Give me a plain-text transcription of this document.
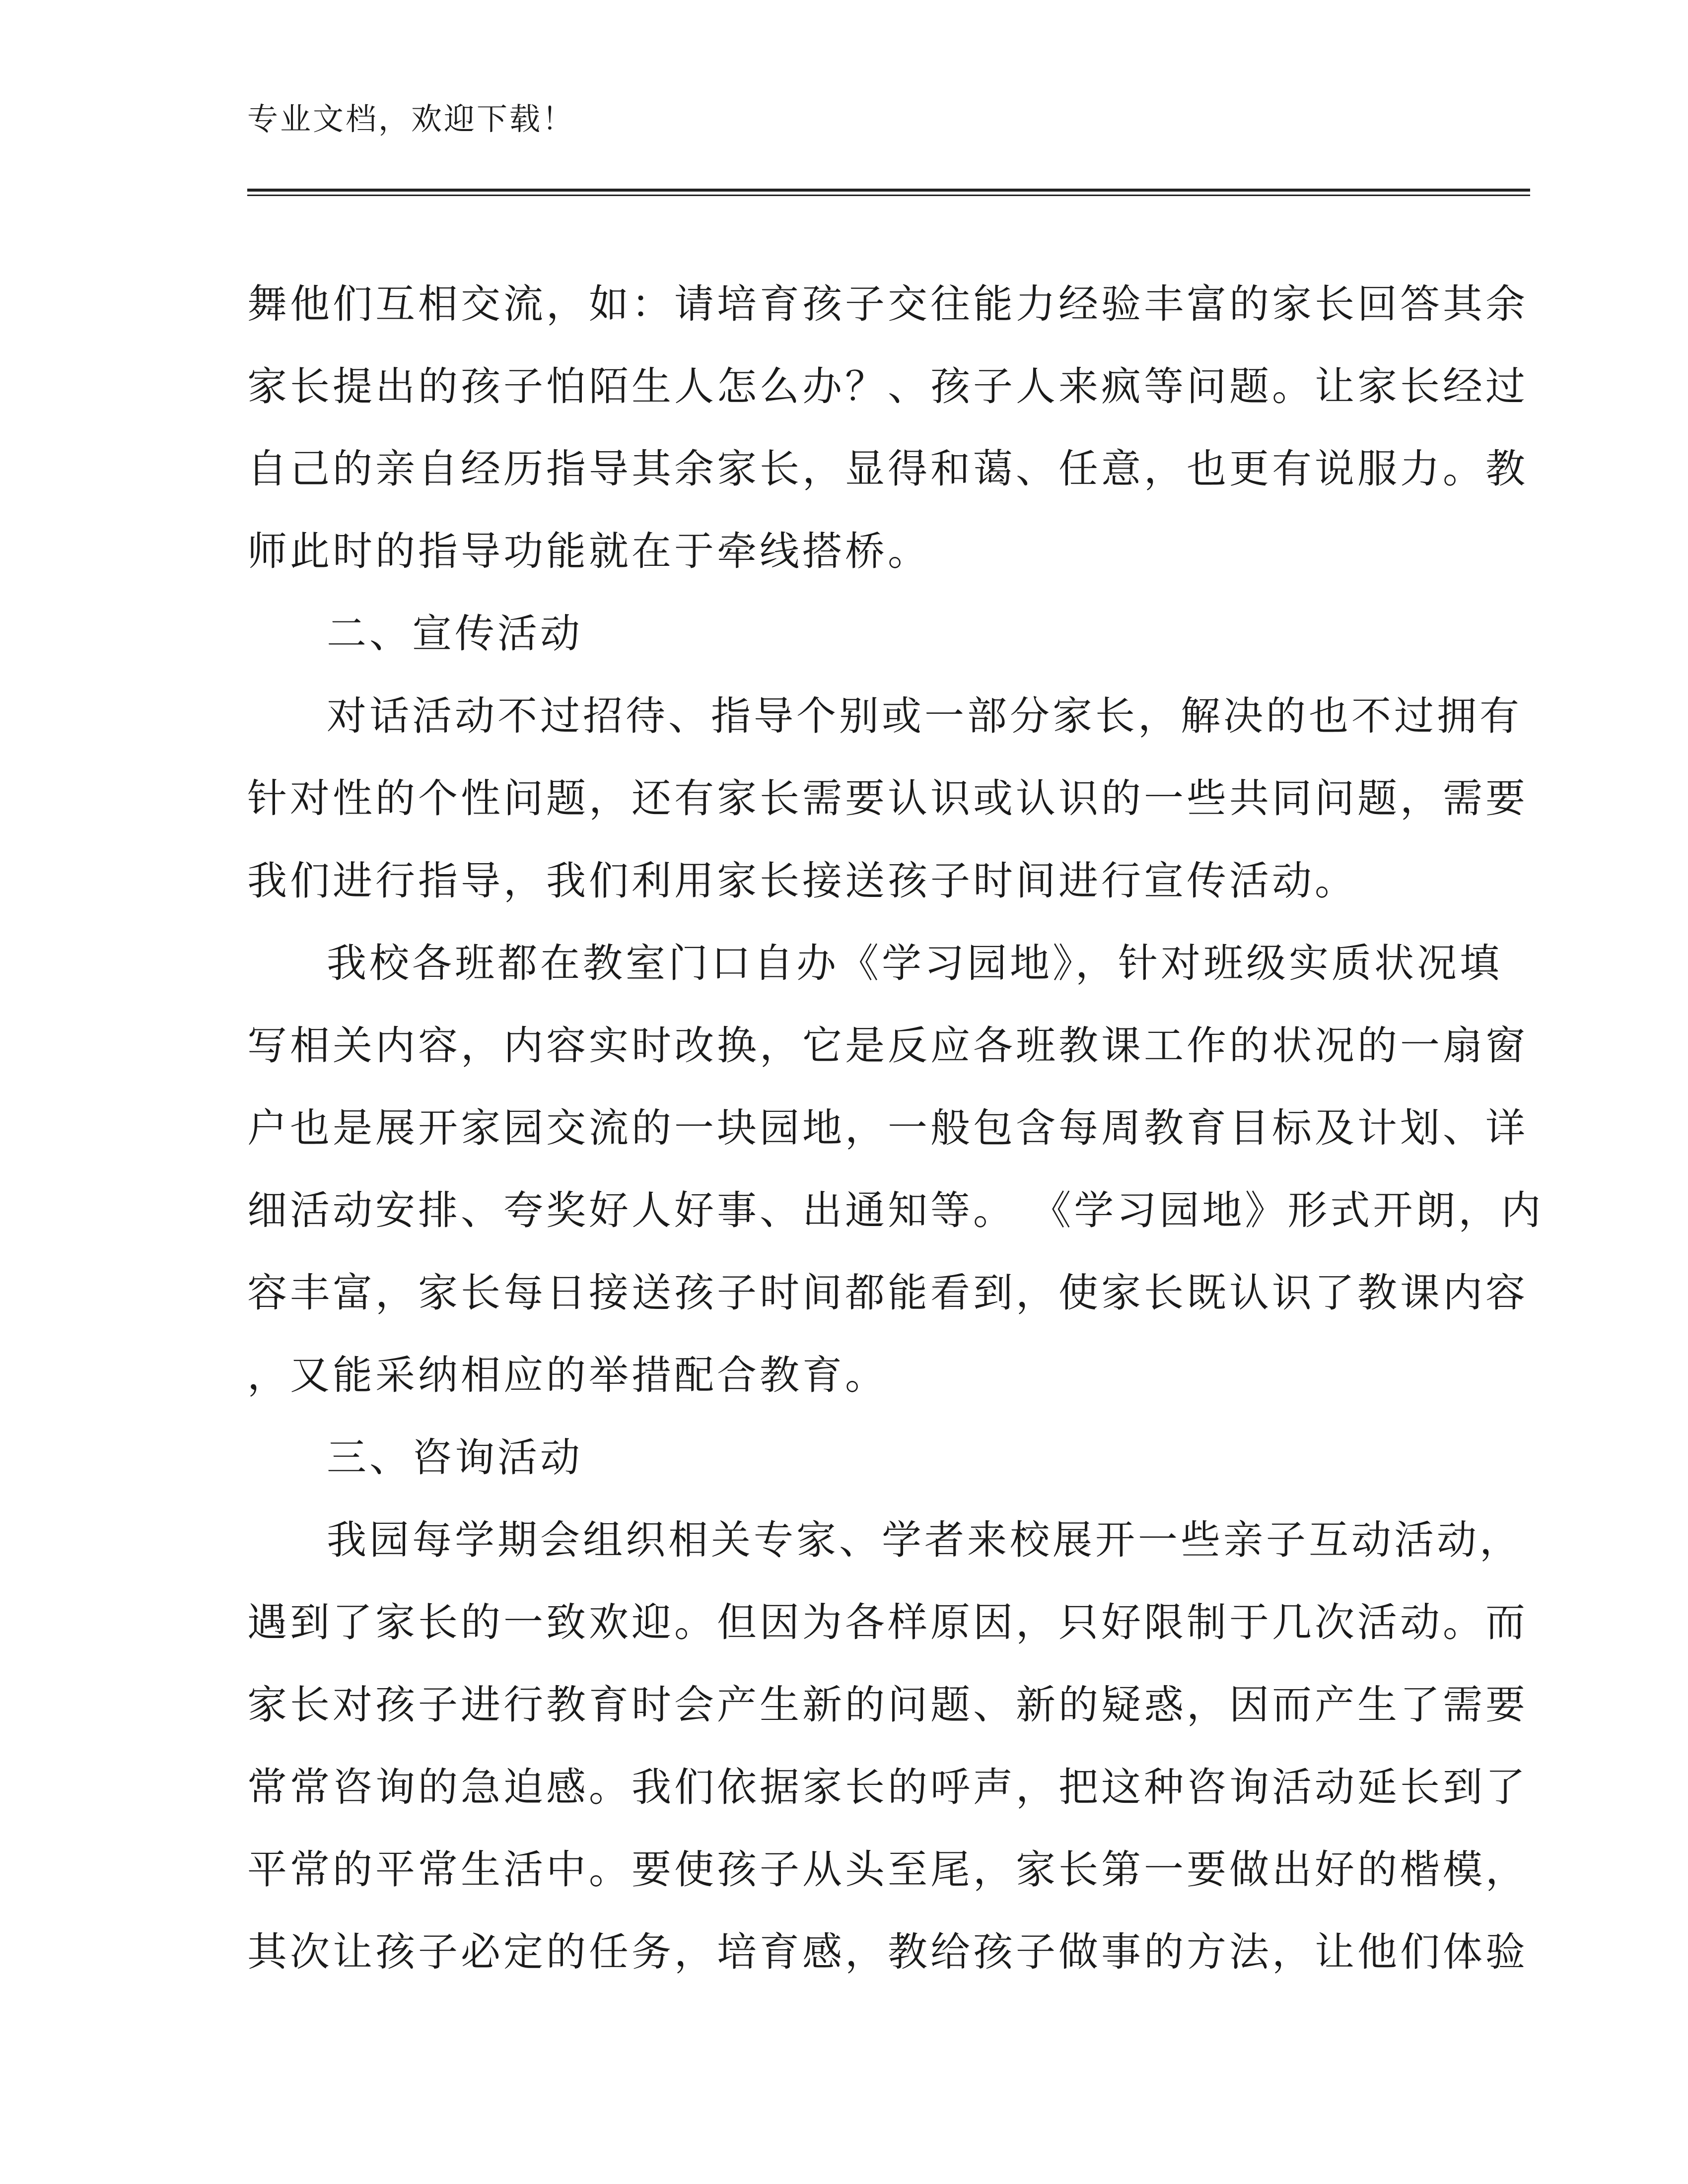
专业文档，欢迎下载！
舞他们互相交流，如：请培育孩子交往能力经验丰富的家长回答其余
家长提出的孩子怕陌生人怎么办？、孩子人来疯等问题。让家长经过
自己的亲自经历指导其余家长，显得和蔼、任意，也更有说服力。教
师此时的指导功能就在于牵线搭桥。
二、宣传活动
对话活动不过招待、指导个别或一部分家长，解决的也不过拥有
针对性的个性问题，还有家长需要认识或认识的一些共同问题，需要
我们进行指导，我们利用家长接送孩子时间进行宣传活动。
我校各班都在教室门口自办《学习园地》，针对班级实质状况填
写相关内容，内容实时改换，它是反应各班教课工作的状况的一扇窗
户也是展开家园交流的一块园地，一般包含每周教育目标及计划、详
细活动安排、夸奖好人好事、出通知等。 《学习园地》形式开朗，内
容丰富，家长每日接送孩子时间都能看到，使家长既认识了教课内容
，又能采纳相应的举措配合教育。
三、咨询活动
我园每学期会组织相关专家、学者来校展开一些亲子互动活动，
遇到了家长的一致欢迎。但因为各样原因，只好限制于几次活动。而
家长对孩子进行教育时会产生新的问题、新的疑惑，因而产生了需要
常常咨询的急迫感。我们依据家长的呼声，把这种咨询活动延长到了
平常的平常生活中。要使孩子从头至尾，家长第一要做出好的楷模，
其次让孩子必定的任务，培育感，教给孩子做事的方法，让他们体验
